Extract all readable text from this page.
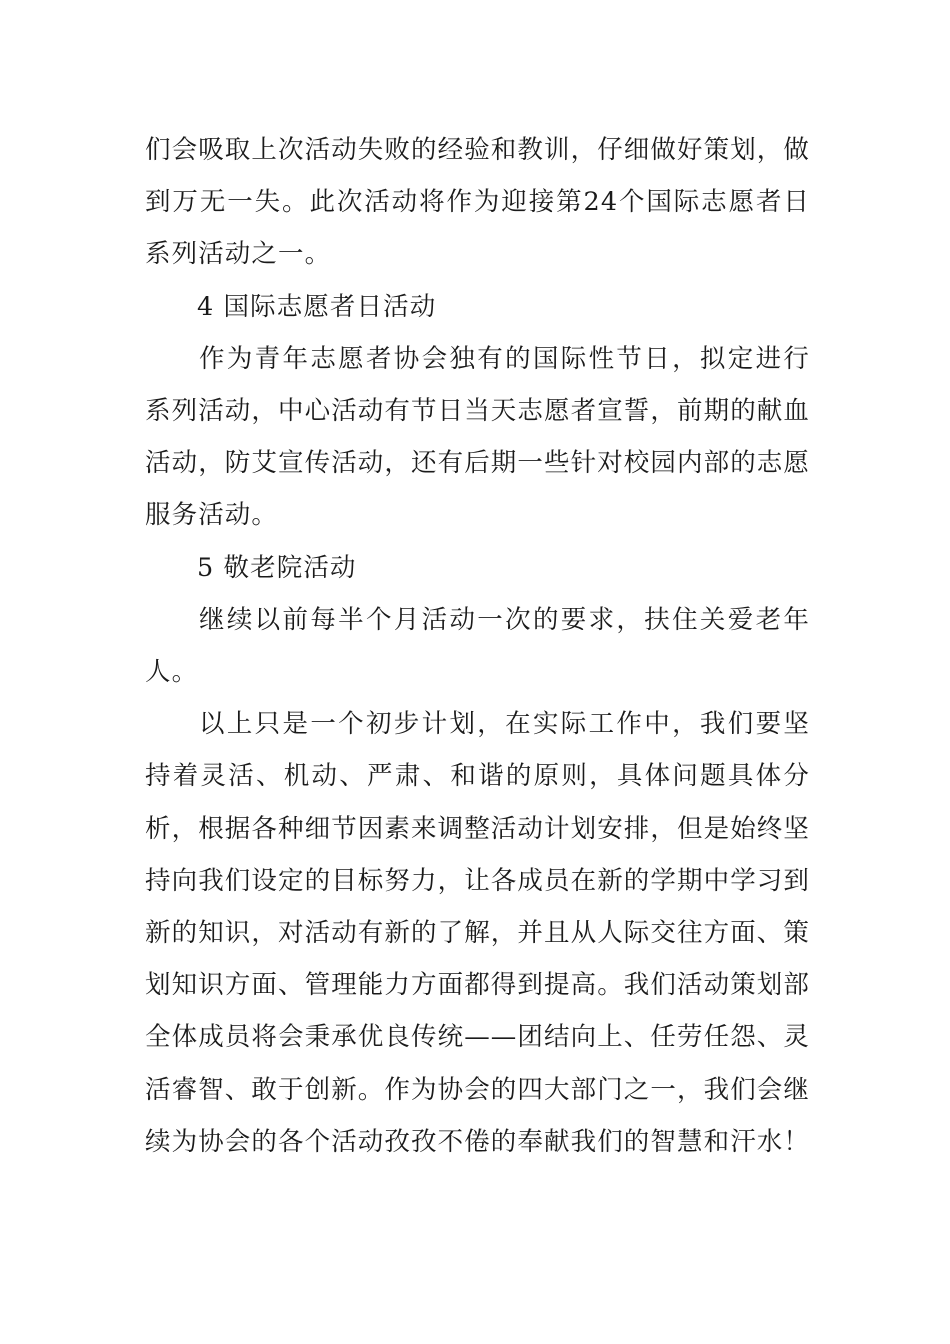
们会吸取上次活动失败的经验和教训，仔细做好策划，做到万无一失。此次活动将作为迎接第24个国际志愿者日系列活动之一。

4 国际志愿者日活动

作为青年志愿者协会独有的国际性节日，拟定进行系列活动，中心活动有节日当天志愿者宣誓，前期的献血活动，防艾宣传活动，还有后期一些针对校园内部的志愿服务活动。

5 敬老院活动

继续以前每半个月活动一次的要求，扶住关爱老年人。

以上只是一个初步计划，在实际工作中，我们要坚持着灵活、机动、严肃、和谐的原则，具体问题具体分析，根据各种细节因素来调整活动计划安排，但是始终坚持向我们设定的目标努力，让各成员在新的学期中学习到新的知识，对活动有新的了解，并且从人际交往方面、策划知识方面、管理能力方面都得到提高。我们活动策划部全体成员将会秉承优良传统——团结向上、任劳任怨、灵活睿智、敢于创新。作为协会的四大部门之一，我们会继续为协会的各个活动孜孜不倦的奉献我们的智慧和汗水！
